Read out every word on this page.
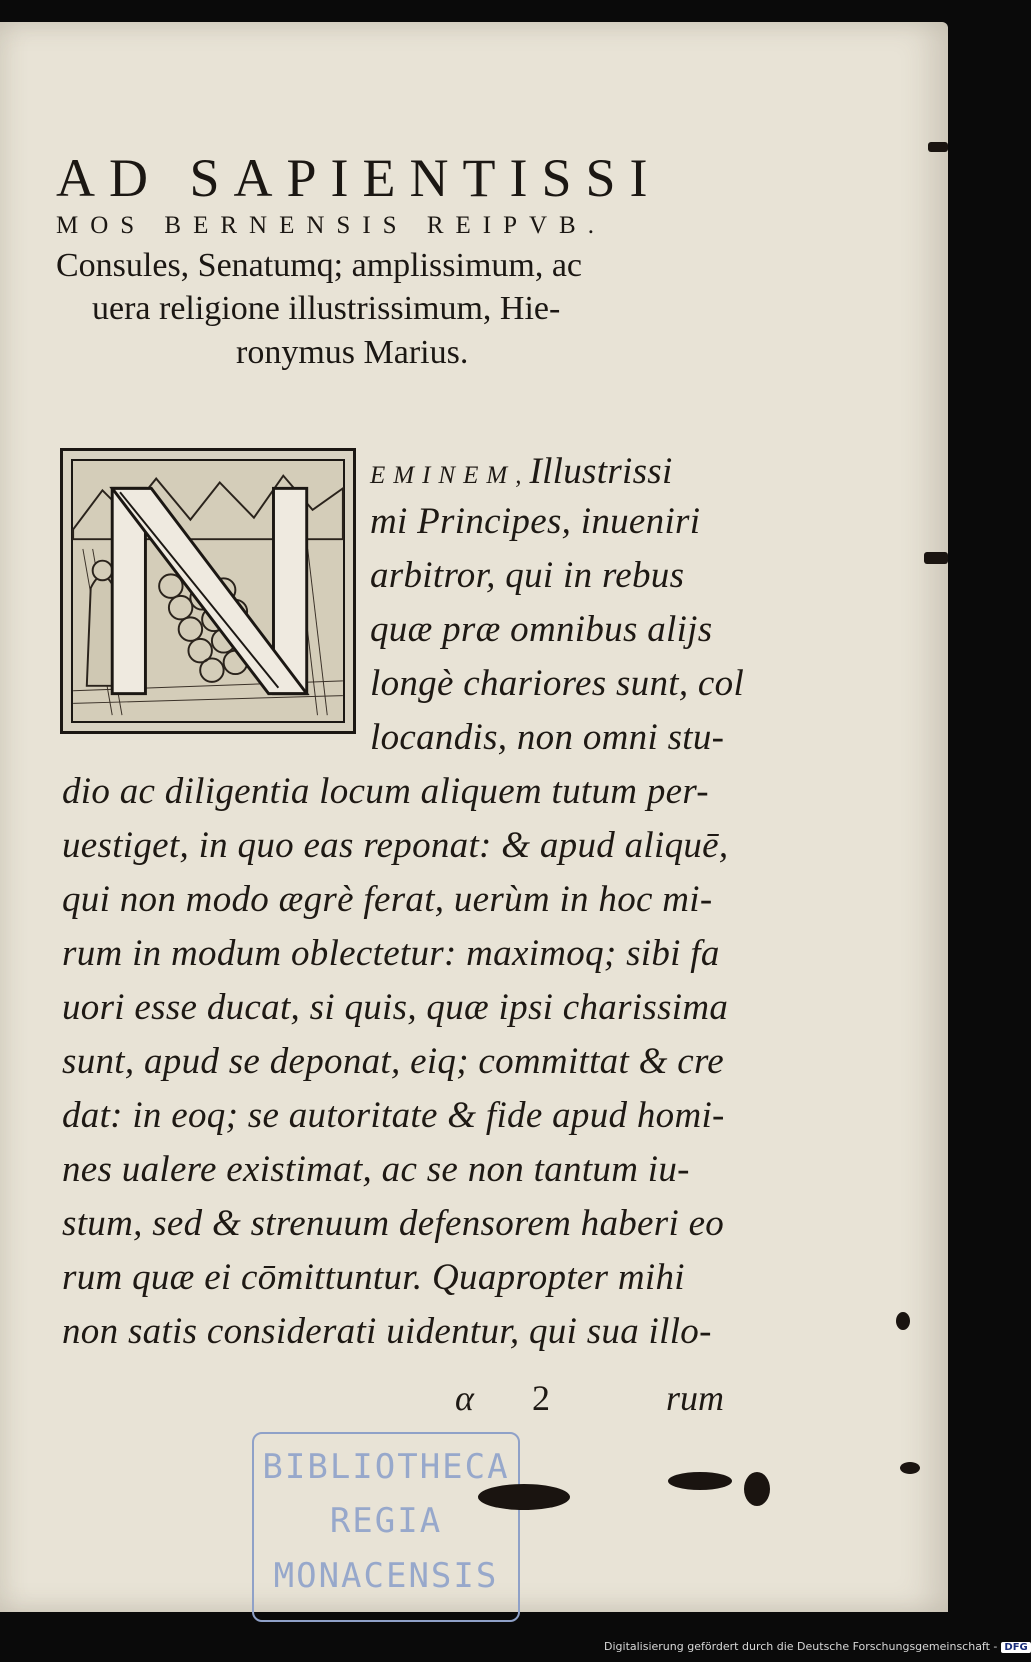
AD SAPIENTISSI
MOS BERNENSIS REIPVB.
Consules, Senatumq; amplissimum, ac
uera religione illustrissimum, Hie-
ronymus Marius.
EMINEM,Illustrissi
mi Principes, inueniri
arbitror, qui in rebus
quæ præ omnibus alijs
longè chariores sunt, col
locandis, non omni stu-
dio ac diligentia locum aliquem tutum per-
uestiget, in quo eas reponat: & apud aliquē,
qui non modo ægrè ferat, uerùm in hoc mi-
rum in modum oblectetur: maximoq; sibi fa
uori esse ducat, si quis, quæ ipsi charissima
sunt, apud se deponat, eiq; committat & cre
dat: in eoq; se autoritate & fide apud homi-
nes ualere existimat, ac se non tantum iu-
stum, sed & strenuum defensorem haberi eo
rum quæ ei cōmittuntur. Quapropter mihi
non satis considerati uidentur, qui sua illo-
α 2	rum
BIBLIOTHECA
REGIA
MONACENSIS
Digitalisierung gefördert durch die Deutsche Forschungsgemeinschaft - DFG
